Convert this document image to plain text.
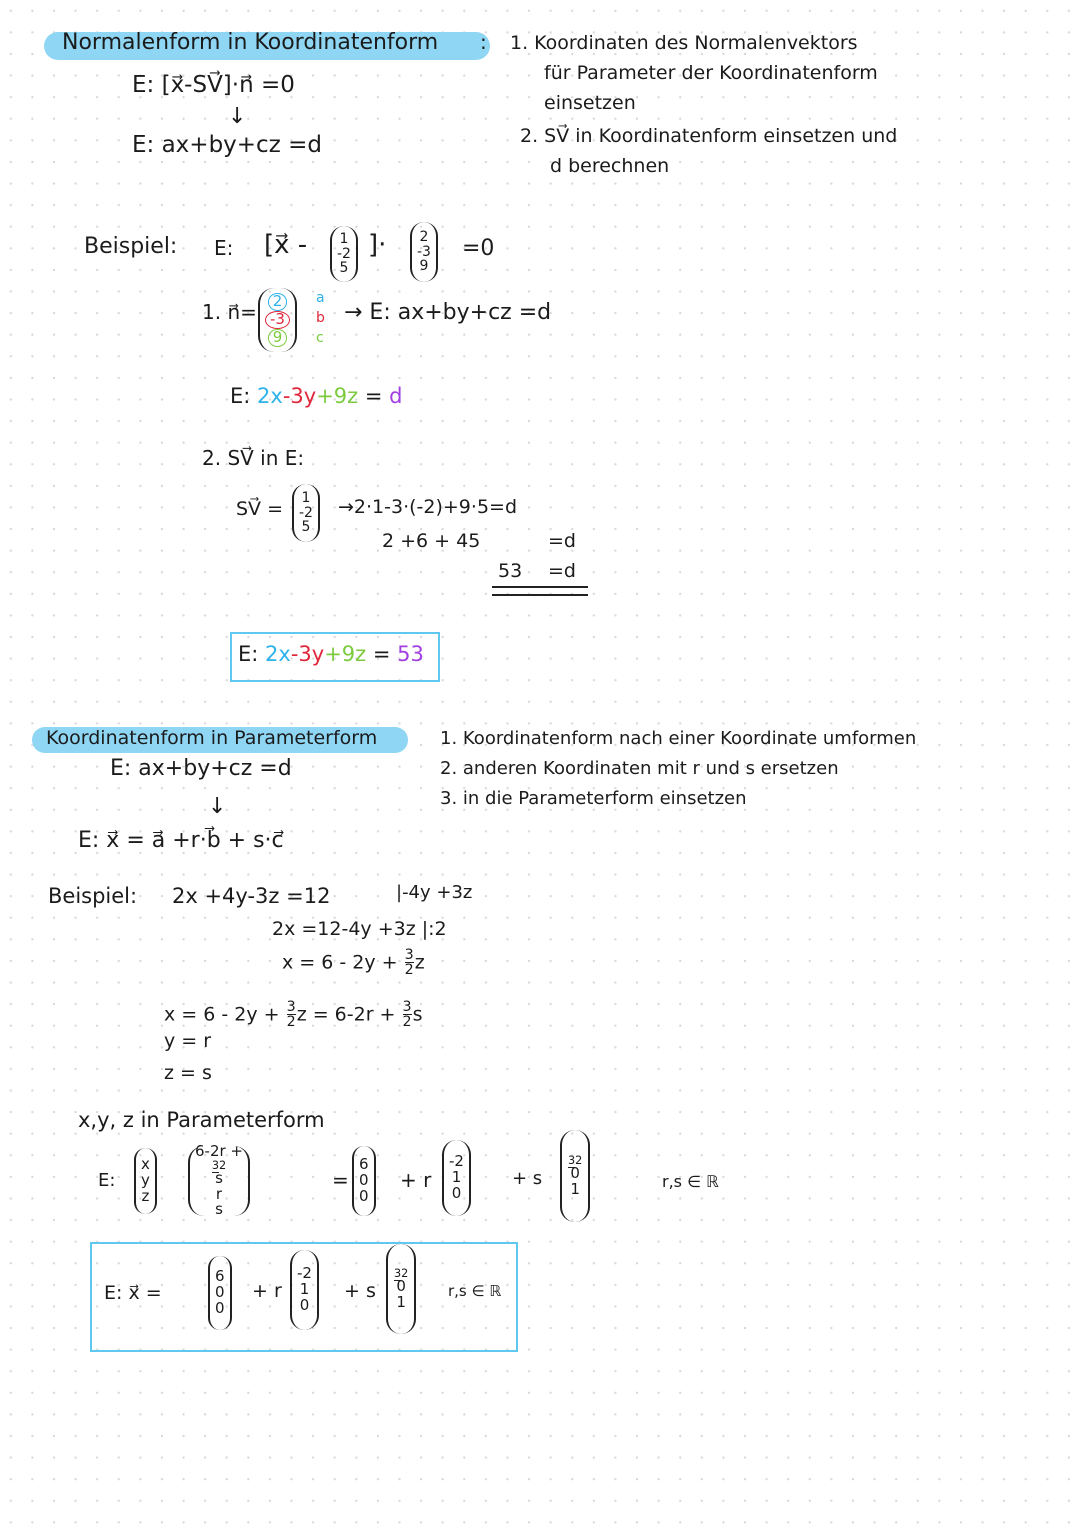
Normalenform in Koordinatenform :
E: [x⃗-SV⃗]·n⃗ =0
↓
E: ax+by+cz =d
1. Koordinaten des Normalenvektors
für Parameter der Koordinatenform
einsetzen
2. SV⃗ in Koordinatenform einsetzen und
d berechnen
Beispiel: E: [x⃗ - 1
-2
5
]· 2
-3
9
=0
1. n⃗=	2
-3
9
a
b
c
→ E: ax+by+cz =d
E: 2x-3y+9z = d
2. SV⃗ in E:
SV⃗ =
1
-2
5
→2·1-3·(-2)+9·5=d
2 +6 + 45	=d
53 =d
E: 2x-3y+9z = 53
Koordinatenform in Parameterform
E: ax+by+cz =d
↓
E: x⃗ = a⃗ +r·b⃗ + s·c⃗
1. Koordinatenform nach einer Koordinate umformen
2. anderen Koordinaten mit r und s ersetzen
3. in die Parameterform einsetzen
Beispiel: 2x +4y-3z =12	|-4y +3z
2x =12-4y +3z |:2
$x = 6 - 2y + \frac{3}{2}$ z
$x = 6 - 2y + \frac{3}{2}$ $z = 6-2r + \frac{3}{2}$ s
y = r
z = s
x,y, z in Parameterform
E:
x
y
z
6-2r +
32
s
r
s
=
6
0
0
+ r
-2
1
0
+ s
32
0
1	r,s ∈ ℝ
E: x⃗ =
6
0
0
+ r
-2
1
0
+ s
32
0
1
r,s ∈ ℝ
